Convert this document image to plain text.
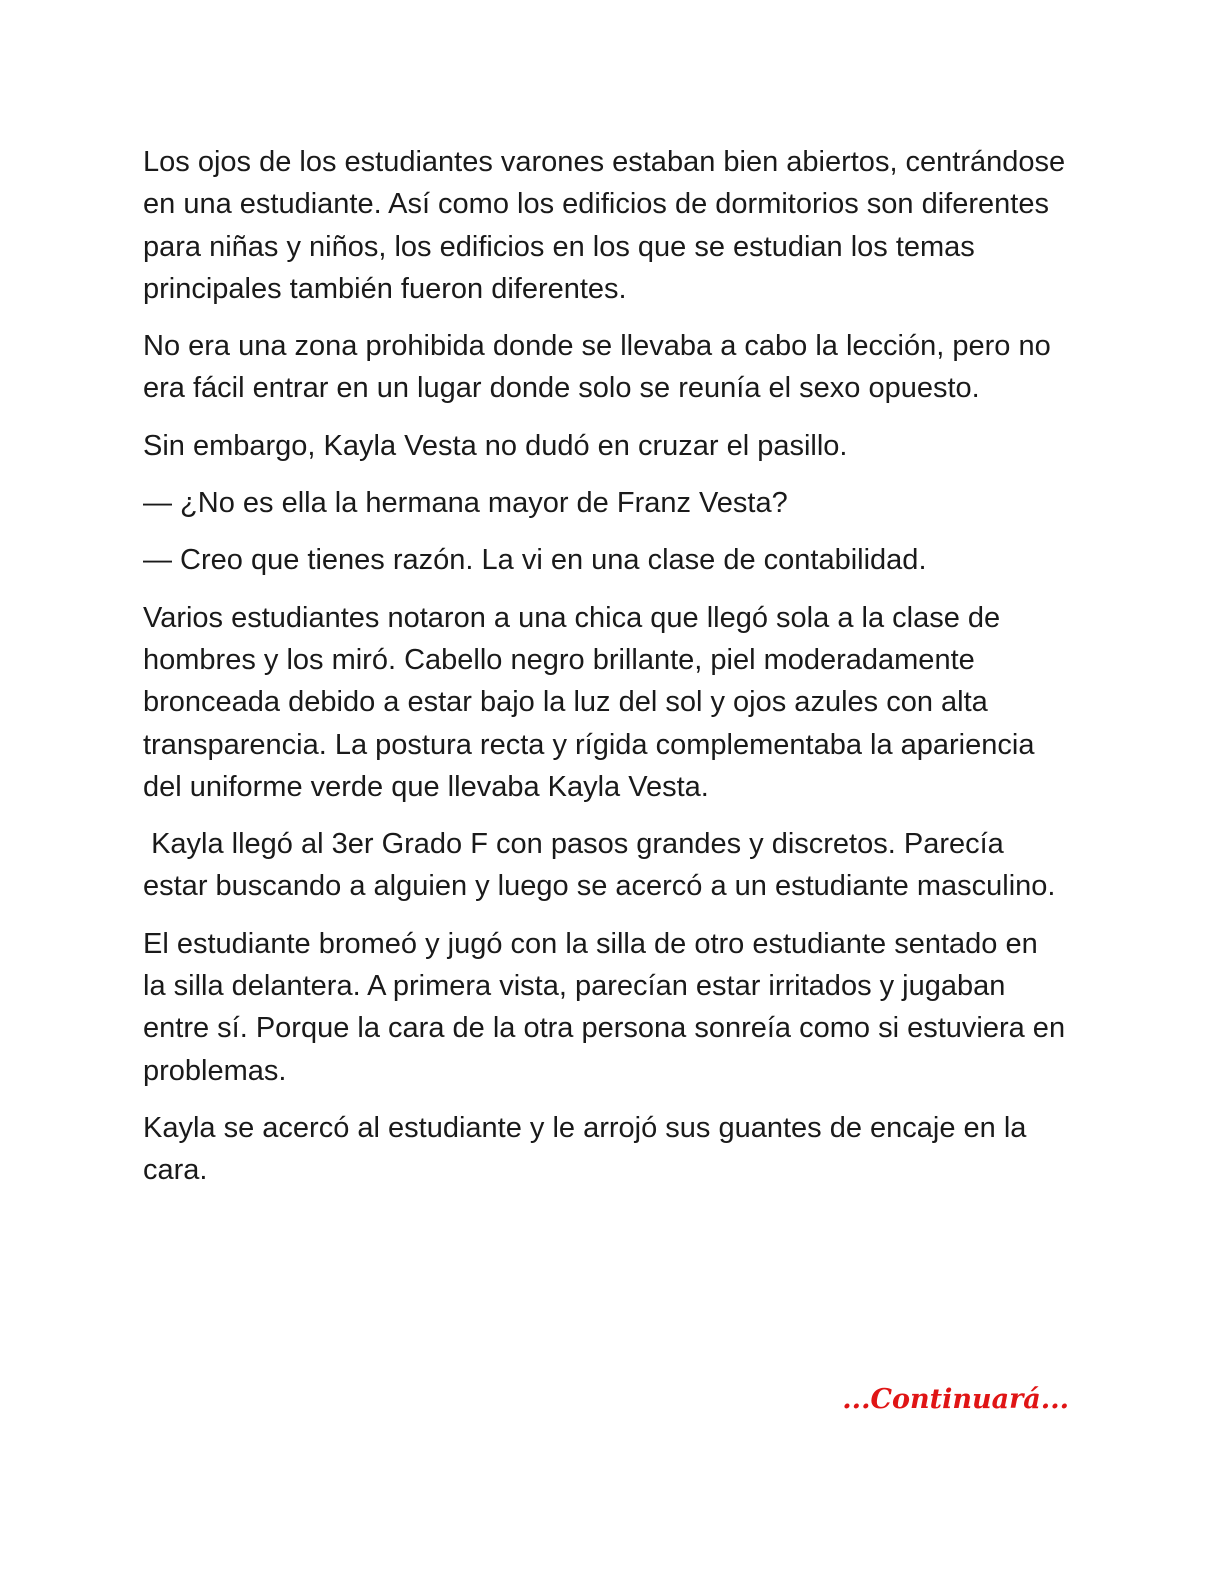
Los ojos de los estudiantes varones estaban bien abiertos, centrándose en una estudiante. Así como los edificios de dormitorios son diferentes para niñas y niños, los edificios en los que se estudian los temas principales también fueron diferentes.

No era una zona prohibida donde se llevaba a cabo la lección, pero no era fácil entrar en un lugar donde solo se reunía el sexo opuesto.

Sin embargo, Kayla Vesta no dudó en cruzar el pasillo.

— ¿No es ella la hermana mayor de Franz Vesta?

— Creo que tienes razón. La vi en una clase de contabilidad.

Varios estudiantes notaron a una chica que llegó sola a la clase de hombres y los miró. Cabello negro brillante, piel moderadamente bronceada debido a estar bajo la luz del sol y ojos azules con alta transparencia. La postura recta y rígida complementaba la apariencia del uniforme verde que llevaba Kayla Vesta.

Kayla llegó al 3er Grado F con pasos grandes y discretos. Parecía estar buscando a alguien y luego se acercó a un estudiante masculino.

El estudiante bromeó y jugó con la silla de otro estudiante sentado en la silla delantera. A primera vista, parecían estar irritados y jugaban entre sí. Porque la cara de la otra persona sonreía como si estuviera en problemas.

Kayla se acercó al estudiante y le arrojó sus guantes de encaje en la cara.

...Continuará...
